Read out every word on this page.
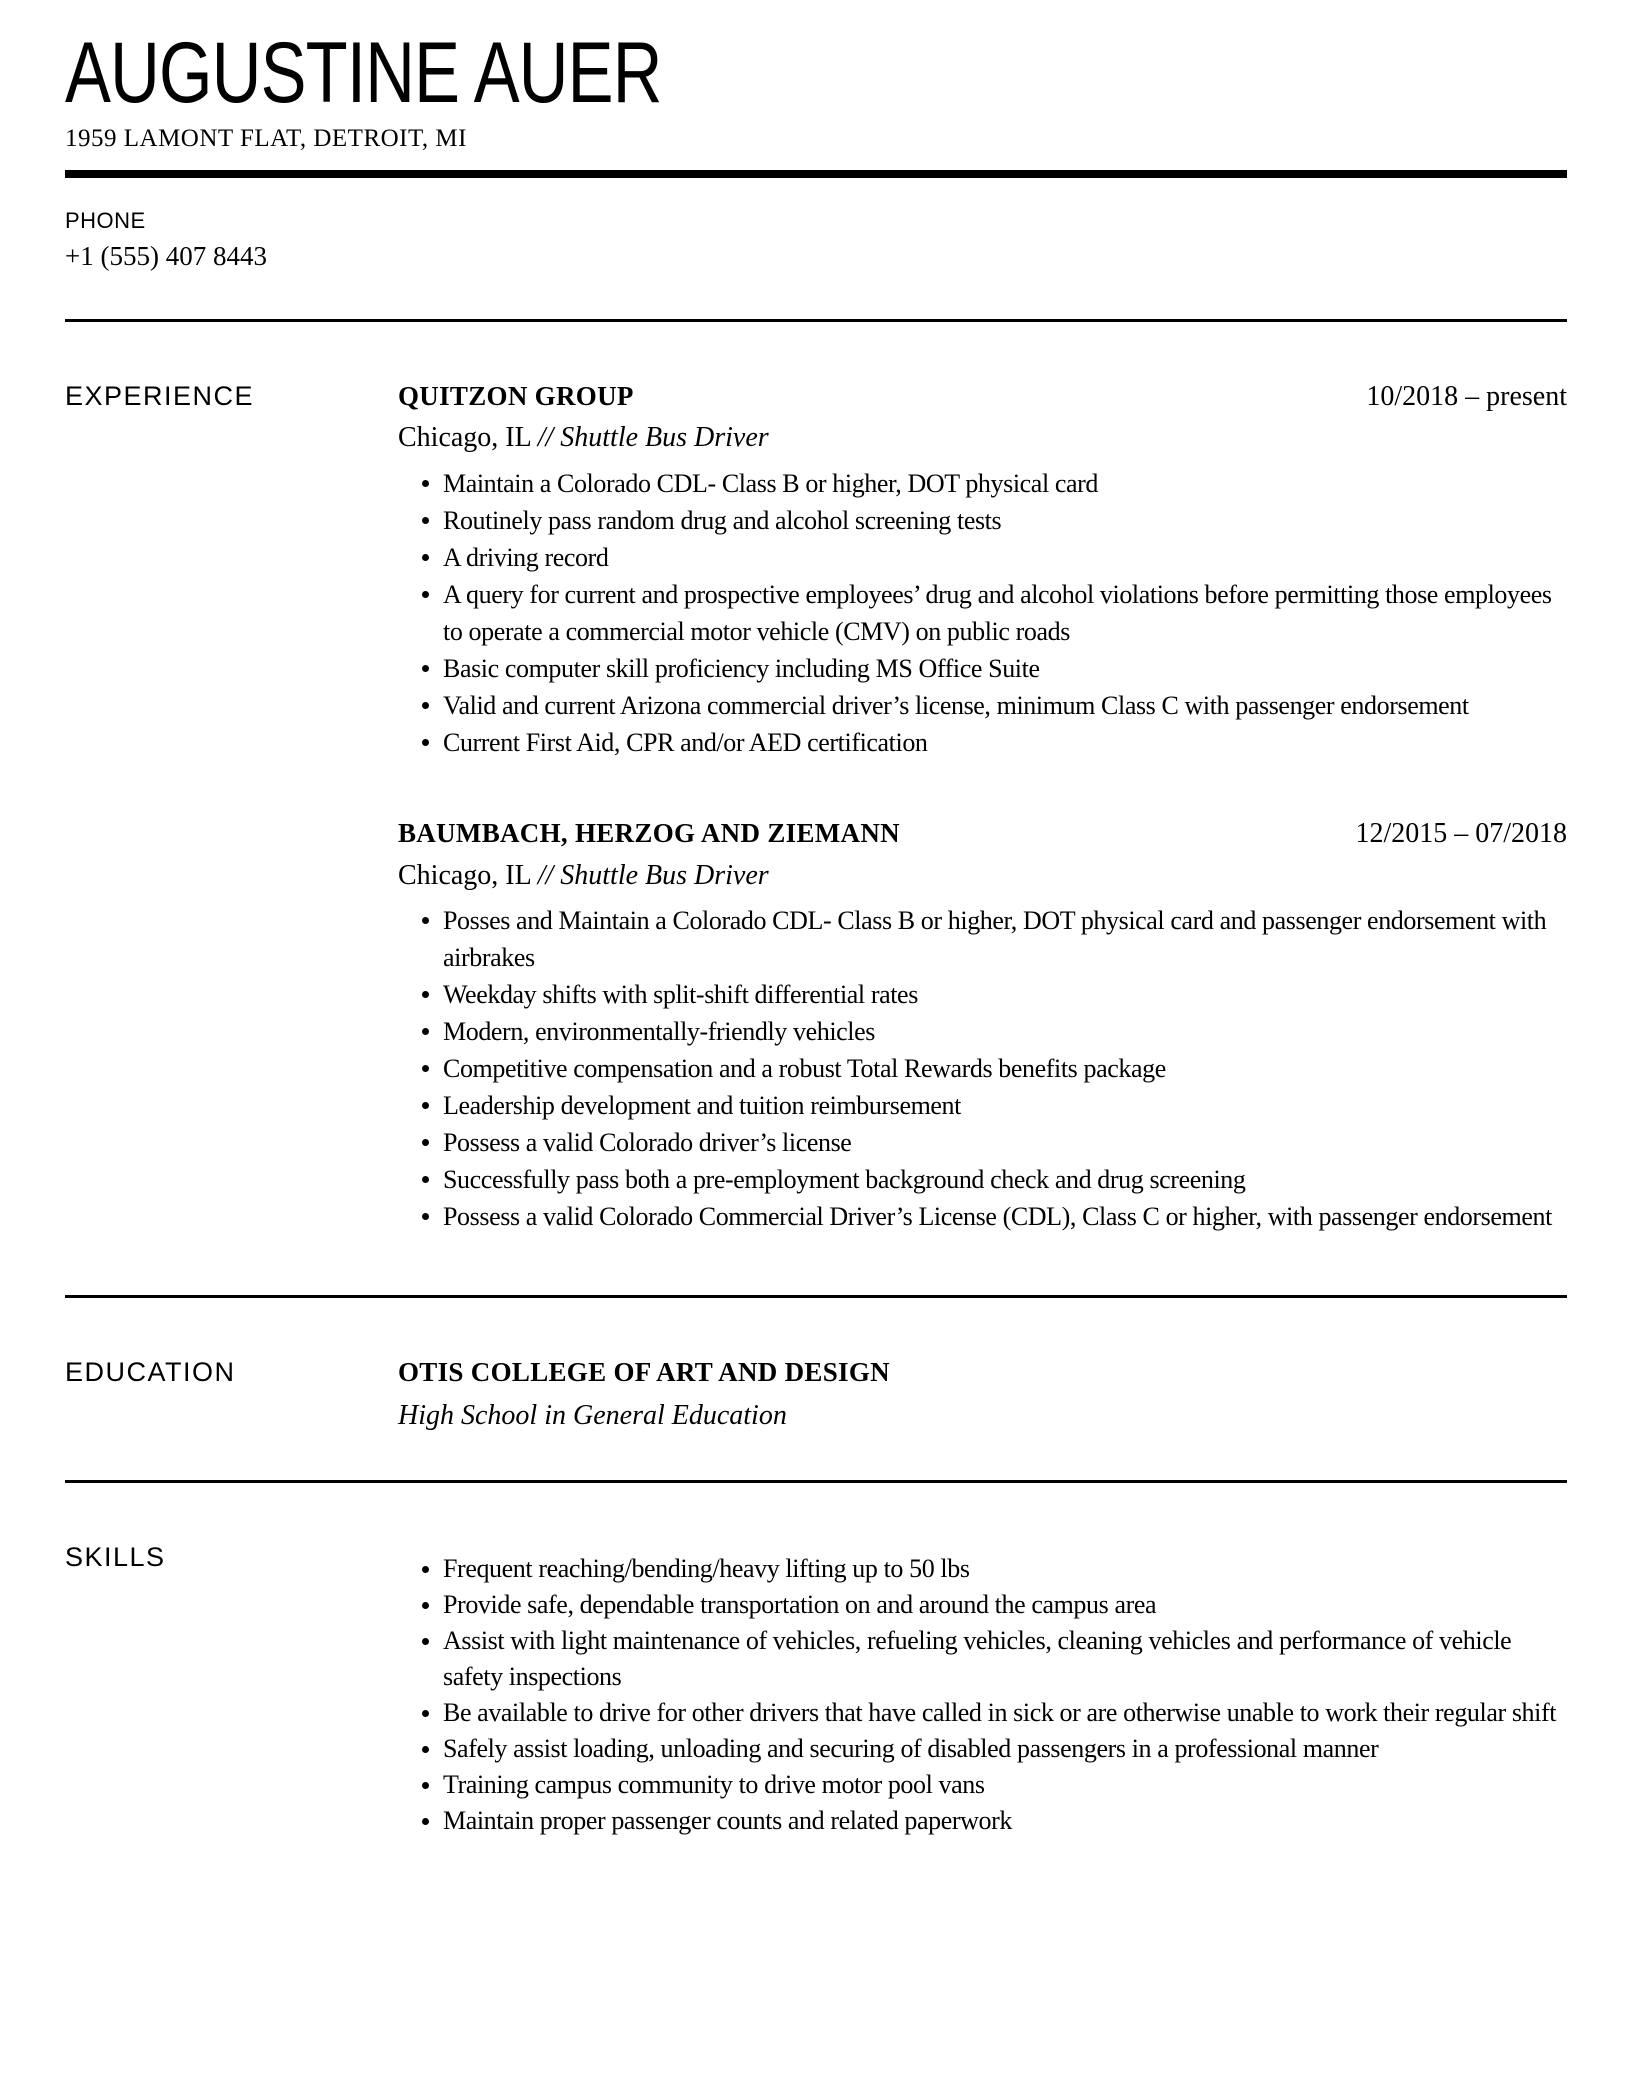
AUGUSTINE AUER
1959 LAMONT FLAT, DETROIT, MI
PHONE
+1 (555) 407 8443
EXPERIENCE	QUITZON GROUP	10/2018 – present
Chicago, IL // Shuttle Bus Driver
Maintain a Colorado CDL- Class B or higher, DOT physical card
Routinely pass random drug and alcohol screening tests
A driving record
A query for current and prospective employees’ drug and alcohol violations before permitting those employees to operate a commercial motor vehicle (CMV) on public roads
Basic computer skill proficiency including MS Office Suite
Valid and current Arizona commercial driver’s license, minimum Class C with passenger endorsement
Current First Aid, CPR and/or AED certification
BAUMBACH, HERZOG AND ZIEMANN	12/2015 – 07/2018
Chicago, IL // Shuttle Bus Driver
Posses and Maintain a Colorado CDL- Class B or higher, DOT physical card and passenger endorsement with airbrakes
Weekday shifts with split-shift differential rates
Modern, environmentally-friendly vehicles
Competitive compensation and a robust Total Rewards benefits package
Leadership development and tuition reimbursement
Possess a valid Colorado driver’s license
Successfully pass both a pre-employment background check and drug screening
Possess a valid Colorado Commercial Driver’s License (CDL), Class C or higher, with passenger endorsement
EDUCATION	OTIS COLLEGE OF ART AND DESIGN
High School in General Education
SKILLS	Frequent reaching/bending/heavy lifting up to 50 lbs
Provide safe, dependable transportation on and around the campus area
Assist with light maintenance of vehicles, refueling vehicles, cleaning vehicles and performance of vehicle safety inspections
Be available to drive for other drivers that have called in sick or are otherwise unable to work their regular shift
Safely assist loading, unloading and securing of disabled passengers in a professional manner
Training campus community to drive motor pool vans
Maintain proper passenger counts and related paperwork
